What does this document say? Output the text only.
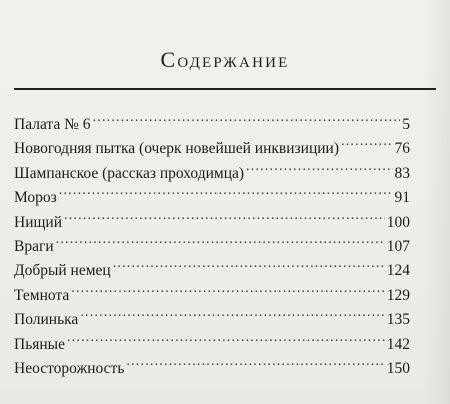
Содержание
Палата № 6 .....	5
Новогодняя пытка (очерк новейшей инквизиции) .....	76
Шампанское (рассказ проходимца) .....	83
Мороз .....	91
Нищий .....	100
Враги .....	107
Добрый немец .....	124
Темнота .....	129
Полинька .....	135
Пьяные .....	142
Неосторожность .....	150
